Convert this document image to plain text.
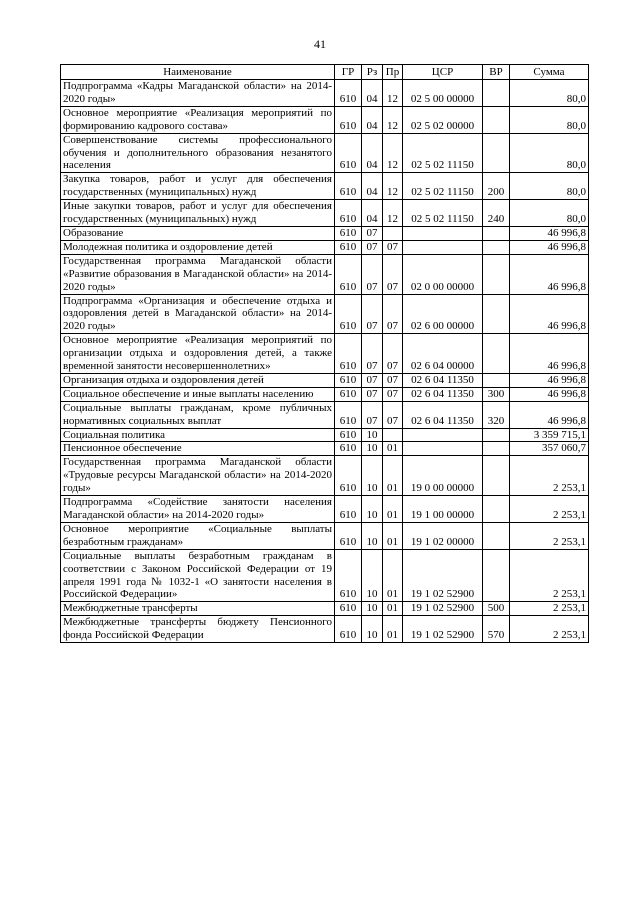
41
Наименование	ГР	Рз	Пр	ЦСР	ВР	Сумма
Подпрограмма «Кадры Магаданской области» на 2014-2020 годы»	610	04	12	02 5 00 00000		80,0
Основное мероприятие «Реализация мероприятий по формированию кадрового состава»	610	04	12	02 5 02 00000		80,0
Совершенствование системы профессионального обучения и дополнительного образования незанятого населения	610	04	12	02 5 02 11150		80,0
Закупка товаров, работ и услуг для обеспечения государственных (муниципальных) нужд	610	04	12	02 5 02 11150	200	80,0
Иные закупки товаров, работ и услуг для обеспечения государственных (муниципальных) нужд	610	04	12	02 5 02 11150	240	80,0
Образование	610	07				46 996,8
Молодежная политика и оздоровление детей	610	07	07			46 996,8
Государственная программа Магаданской области «Развитие образования в Магаданской области» на 2014-2020 годы»	610	07	07	02 0 00 00000		46 996,8
Подпрограмма «Организация и обеспечение отдыха и оздоровления детей в Магаданской области» на 2014-2020 годы»	610	07	07	02 6 00 00000		46 996,8
Основное мероприятие «Реализация мероприятий по организации отдыха и оздоровления детей, а также временной занятости несовершеннолетних»	610	07	07	02 6 04 00000		46 996,8
Организация отдыха и оздоровления детей	610	07	07	02 6 04 11350		46 996,8
Социальное обеспечение и иные выплаты населению	610	07	07	02 6 04 11350	300	46 996,8
Социальные выплаты гражданам, кроме публичных нормативных социальных выплат	610	07	07	02 6 04 11350	320	46 996,8
Социальная политика	610	10				3 359 715,1
Пенсионное обеспечение	610	10	01			357 060,7
Государственная программа Магаданской области «Трудовые ресурсы Магаданской области» на 2014-2020 годы»	610	10	01	19 0 00 00000		2 253,1
Подпрограмма «Содействие занятости населения Магаданской области» на 2014-2020 годы»	610	10	01	19 1 00 00000		2 253,1
Основное мероприятие «Социальные выплаты безработным гражданам»	610	10	01	19 1 02 00000		2 253,1
Социальные выплаты безработным гражданам в соответствии с Законом Российской Федерации от 19 апреля 1991 года № 1032-1 «О занятости населения в Российской Федерации»	610	10	01	19 1 02 52900		2 253,1
Межбюджетные трансферты	610	10	01	19 1 02 52900	500	2 253,1
Межбюджетные трансферты бюджету Пенсионного фонда Российской Федерации	610	10	01	19 1 02 52900	570	2 253,1
